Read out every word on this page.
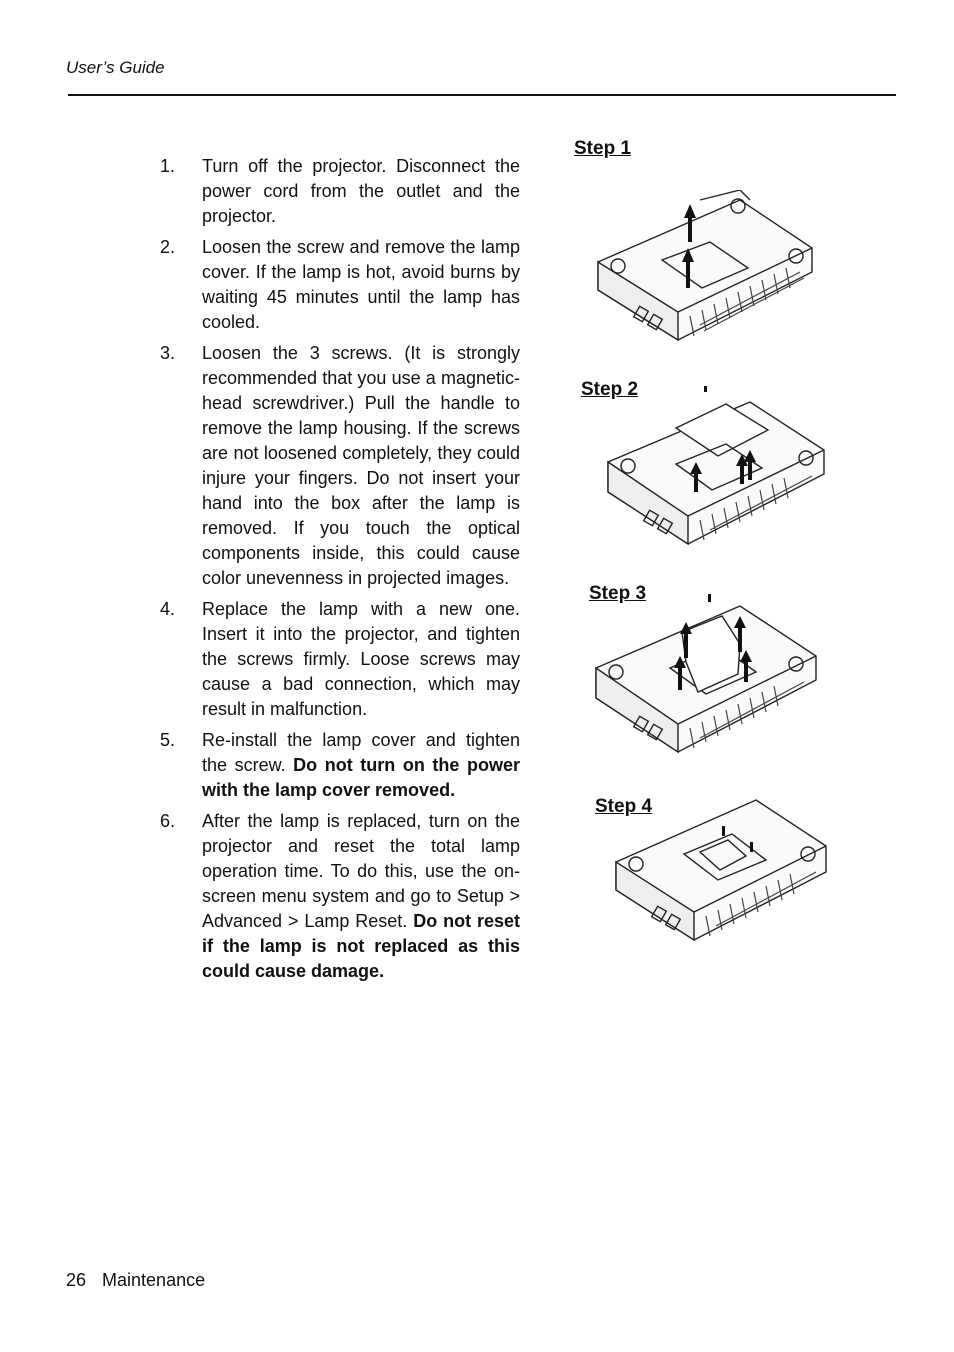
User’s Guide
1.	Turn off the projector. Disconnect the power cord from the outlet and the projector.
2.	Loosen the screw and remove the lamp cover. If the lamp is hot, avoid burns by waiting 45 minutes until the lamp has cooled.
3.	Loosen the 3 screws. (It is strongly recommended that you use a magnetic-head screwdriver.) Pull the handle to remove the lamp housing. If the screws are not loosened completely, they could injure your fingers. Do not insert your hand into the box after the lamp is removed. If you touch the optical components inside, this could cause color unevenness in projected images.
4.	Replace the lamp with a new one. Insert it into the projector, and tighten the screws firmly. Loose screws may cause a bad connection, which may result in malfunction.
5.	Re-install the lamp cover and tighten the screw. Do not turn on the power with the lamp cover removed.
6.	After the lamp is replaced, turn on the projector and reset the total lamp operation time. To do this, use the on-screen menu system and go to Setup > Advanced > Lamp Reset. Do not reset if the lamp is not replaced as this could cause damage.
Step 1
Step 2
Step 3
Step 4
26 Maintenance
